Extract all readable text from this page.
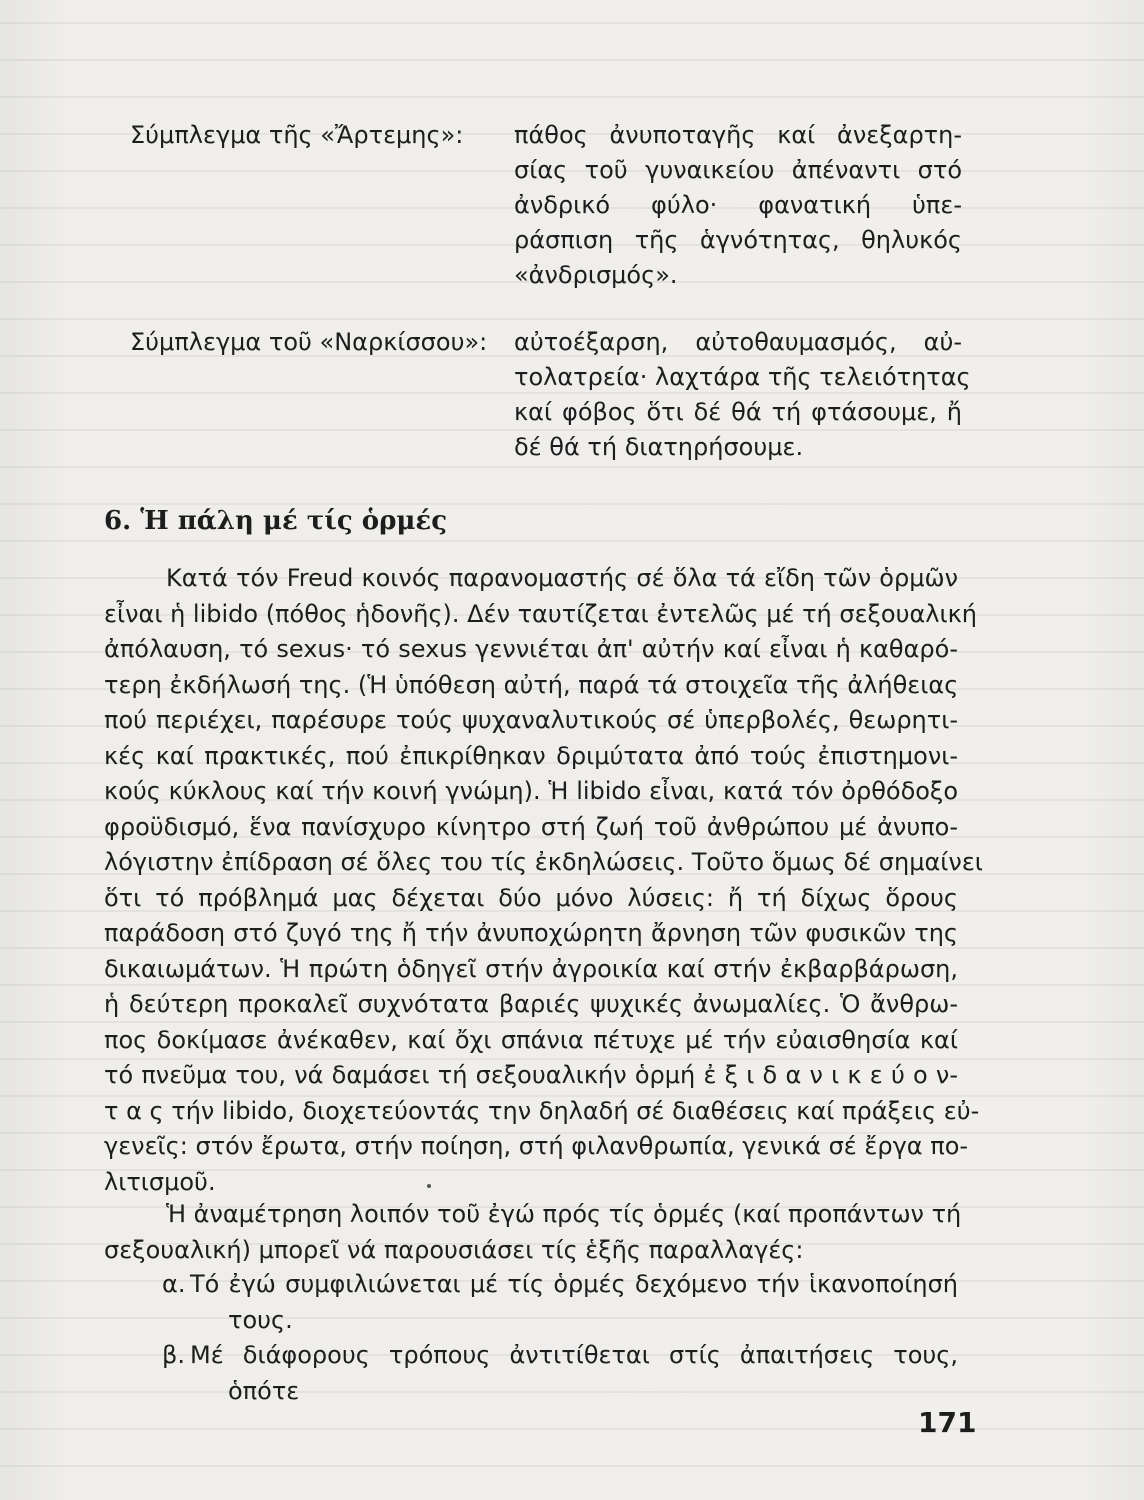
Σύμπλεγμα τῆς «Ἄρτεμης»: πάθος ἀνυποταγῆς καί ἀνεξαρτη-
σίας τοῦ γυναικείου ἀπέναντι στό
ἀνδρικό φύλο· φανατική ὑπε-
ράσπιση τῆς ἁγνότητας, θηλυκός
«ἀνδρισμός».
Σύμπλεγμα τοῦ «Ναρκίσσου»: αὐτοέξαρση, αὐτοθαυμασμός, αὐ-
τολατρεία· λαχτάρα τῆς τελειότητας
καί φόβος ὅτι δέ θά τή φτάσουμε, ἤ
δέ θά τή διατηρήσουμε.
6. Ἡ πάλη μέ τίς ὁρμές
Κατά τόν Freud κοινός παρανομαστής σέ ὅλα τά εἴδη τῶν ὁρμῶν
εἶναι ἡ libido (πόθος ἡδονῆς). Δέν ταυτίζεται ἐντελῶς μέ τή σεξουαλική
ἀπόλαυση, τό sexus· τό sexus γεννιέται ἀπ' αὐτήν καί εἶναι ἡ καθαρό-
τερη ἐκδήλωσή της. (Ἡ ὑπόθεση αὐτή, παρά τά στοιχεῖα τῆς ἀλήθειας
πού περιέχει, παρέσυρε τούς ψυχαναλυτικούς σέ ὑπερβολές, θεωρητι-
κές καί πρακτικές, πού ἐπικρίθηκαν δριμύτατα ἀπό τούς ἐπιστημονι-
κούς κύκλους καί τήν κοινή γνώμη). Ἡ libido εἶναι, κατά τόν ὀρθόδοξο
φροϋδισμό, ἕνα πανίσχυρο κίνητρο στή ζωή τοῦ ἀνθρώπου μέ ἀνυπο-
λόγιστην ἐπίδραση σέ ὅλες του τίς ἐκδηλώσεις. Τοῦτο ὅμως δέ σημαίνει
ὅτι τό πρόβλημά μας δέχεται δύο μόνο λύσεις: ἤ τή δίχως ὅρους
παράδοση στό ζυγό της ἤ τήν ἀνυποχώρητη ἄρνηση τῶν φυσικῶν της
δικαιωμάτων. Ἡ πρώτη ὁδηγεῖ στήν ἀγροικία καί στήν ἐκβαρβάρωση,
ἡ δεύτερη προκαλεῖ συχνότατα βαριές ψυχικές ἀνωμαλίες. Ὁ ἄνθρω-
πος δοκίμασε ἀνέκαθεν, καί ὄχι σπάνια πέτυχε μέ τήν εὐαισθησία καί
τό πνεῦμα του, νά δαμάσει τή σεξουαλικήν ὁρμή ἐ ξ ι δ α ν ι κ ε ύ ο ν-
τ α ς τήν libido, διοχετεύοντάς την δηλαδή σέ διαθέσεις καί πράξεις εὐ-
γενεῖς: στόν ἔρωτα, στήν ποίηση, στή φιλανθρωπία, γενικά σέ ἔργα πο-
λιτισμοῦ.
Ἡ ἀναμέτρηση λοιπόν τοῦ ἐγώ πρός τίς ὁρμές (καί προπάντων τή
σεξουαλική) μπορεῖ νά παρουσιάσει τίς ἑξῆς παραλλαγές:
α. Τό ἐγώ συμφιλιώνεται μέ τίς ὁρμές δεχόμενο τήν ἱκανοποίησή
τους.
β. Μέ διάφορους τρόπους ἀντιτίθεται στίς ἀπαιτήσεις τους,
ὁπότε
171
